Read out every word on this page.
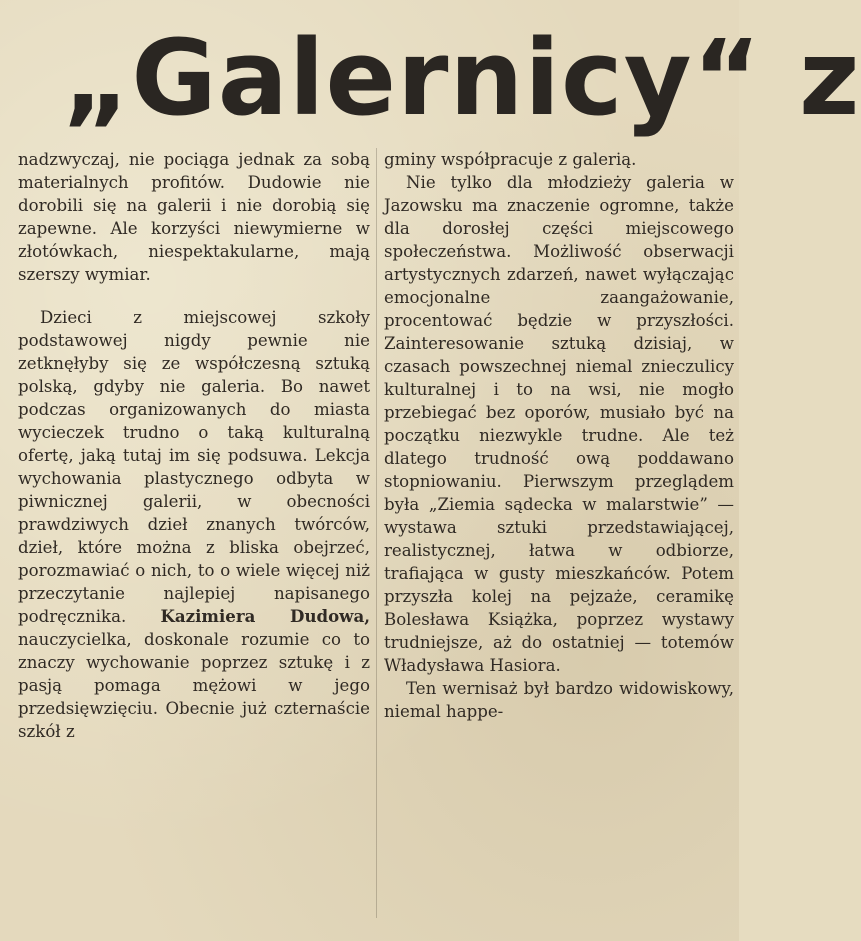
„Galernicy“ z

nadzwyczaj, nie pociąga jednak za sobą materialnych profitów. Dudowie nie dorobili się na galerii i nie dorobią się zapewne. Ale korzyści niewymierne w złotówkach, niespektakularne, mają szerszy wymiar.

Dzieci z miejscowej szkoły podstawowej nigdy pewnie nie zetknęłyby się ze współczesną sztuką polską, gdyby nie galeria. Bo nawet podczas organizowanych do miasta wycieczek trudno o taką kulturalną ofertę, jaką tutaj im się podsuwa. Lekcja wychowania plastycznego odbyta w piwnicznej galerii, w obecności prawdziwych dzieł znanych twórców, dzieł, które można z bliska obejrzeć, porozmawiać o nich, to o wiele więcej niż przeczytanie najlepiej napisanego podręcznika. Kazimiera Dudowa, nauczycielka, doskonale rozumie co to znaczy wychowanie poprzez sztukę i z pasją pomaga mężowi w jego przedsięwzięciu. Obecnie już czternaście szkół z

gminy współpracuje z galerią.

Nie tylko dla młodzieży galeria w Jazowsku ma znaczenie ogromne, także dla dorosłej części miejscowego społeczeństwa. Możliwość obserwacji artystycznych zdarzeń, nawet wyłączając emocjonalne zaangażowanie, procentować będzie w przyszłości. Zainteresowanie sztuką dzisiaj, w czasach powszechnej niemal znieczulicy kulturalnej i to na wsi, nie mogło przebiegać bez oporów, musiało być na początku niezwykle trudne. Ale też dlatego trudność ową poddawano stopniowaniu. Pierwszym przeglądem była „Ziemia sądecka w malarstwie” — wystawa sztuki przedstawiającej, realistycznej, łatwa w odbiorze, trafiająca w gusty mieszkańców. Potem przyszła kolej na pejzaże, ceramikę Bolesława Książka, poprzez wystawy trudniejsze, aż do ostatniej — totemów Władysława Hasiora.

Ten wernisaż był bardzo widowiskowy, niemal happe-
